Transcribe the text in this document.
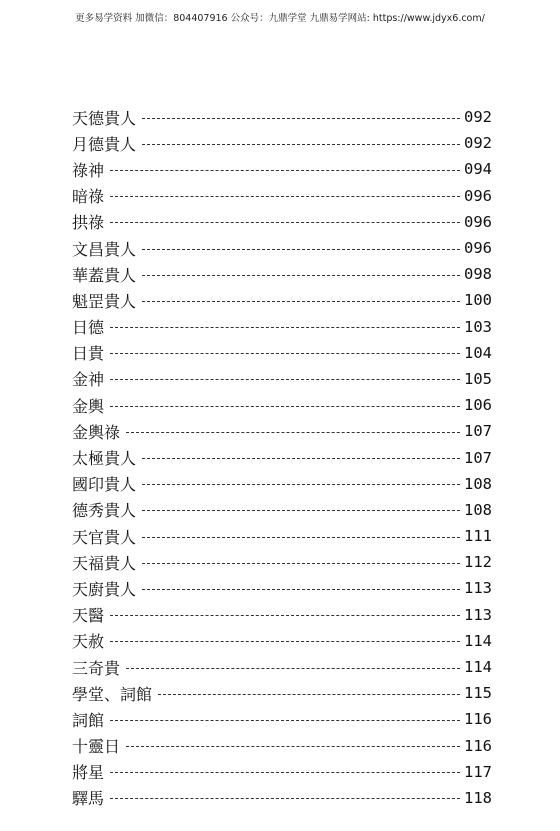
更多易学资料 加微信：804407916 公众号：九鼎学堂 九鼎易学网站: https://www.jdyx6.com/
天德貴人	092
月德貴人	092
祿神	094
暗祿	096
拱祿	096
文昌貴人	096
華蓋貴人	098
魁罡貴人	100
日德	103
日貴	104
金神	105
金輿	106
金輿祿	107
太極貴人	107
國印貴人	108
德秀貴人	108
天官貴人	111
天福貴人	112
天廚貴人	113
天醫	113
天赦	114
三奇貴	114
學堂、詞館	115
詞館	116
十靈日	116
將星	117
驛馬	118
